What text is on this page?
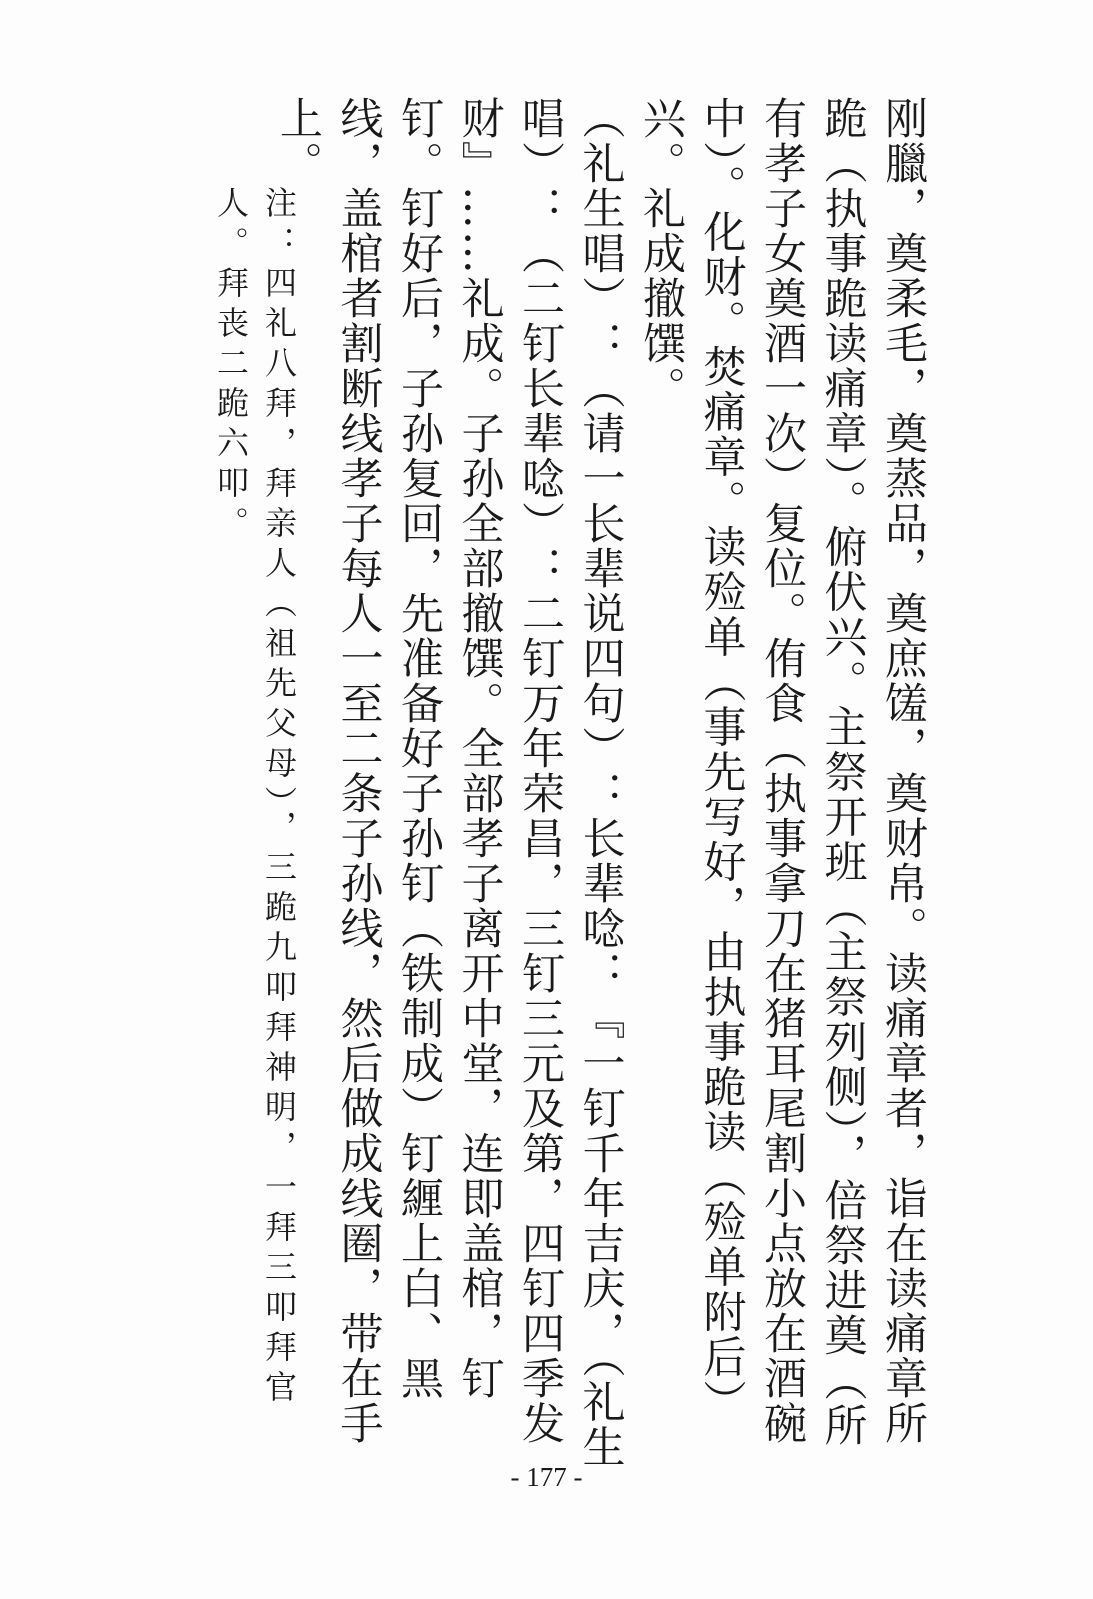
刚臘，奠柔毛，奠蒸品，奠庶馐，奠财帛。读痛章者，诣在读痛章所跪（执事跪读痛章）。俯伏兴。主祭开班（主祭列侧），倍祭进奠（所有孝子女奠酒一次）复位。侑食（执事拿刀在猪耳尾割小点放在酒碗中）。化财。焚痛章。读殓单（事先写好，由执事跪读（殓单附后）兴。礼成撤馔。

（礼生唱）：（请一长辈说四句）：长辈唸：『一钉千年吉庆，（礼生唱）：（二钉长辈唸）：二钉万年荣昌，三钉三元及第，四钉四季发财』……礼成。子孙全部撤馔。全部孝子离开中堂，连即盖棺，钉钉。钉好后，子孙复回，先准备好子孙钉（铁制成）钉緾上白、黑线，盖棺者割断线孝子每人一至二条子孙线，然后做成线圈，带在手上。

注：四礼八拜，拜亲人（祖先父母），三跪九叩拜神明，一拜三叩拜官
人。拜丧二跪六叩。
- 177 -
